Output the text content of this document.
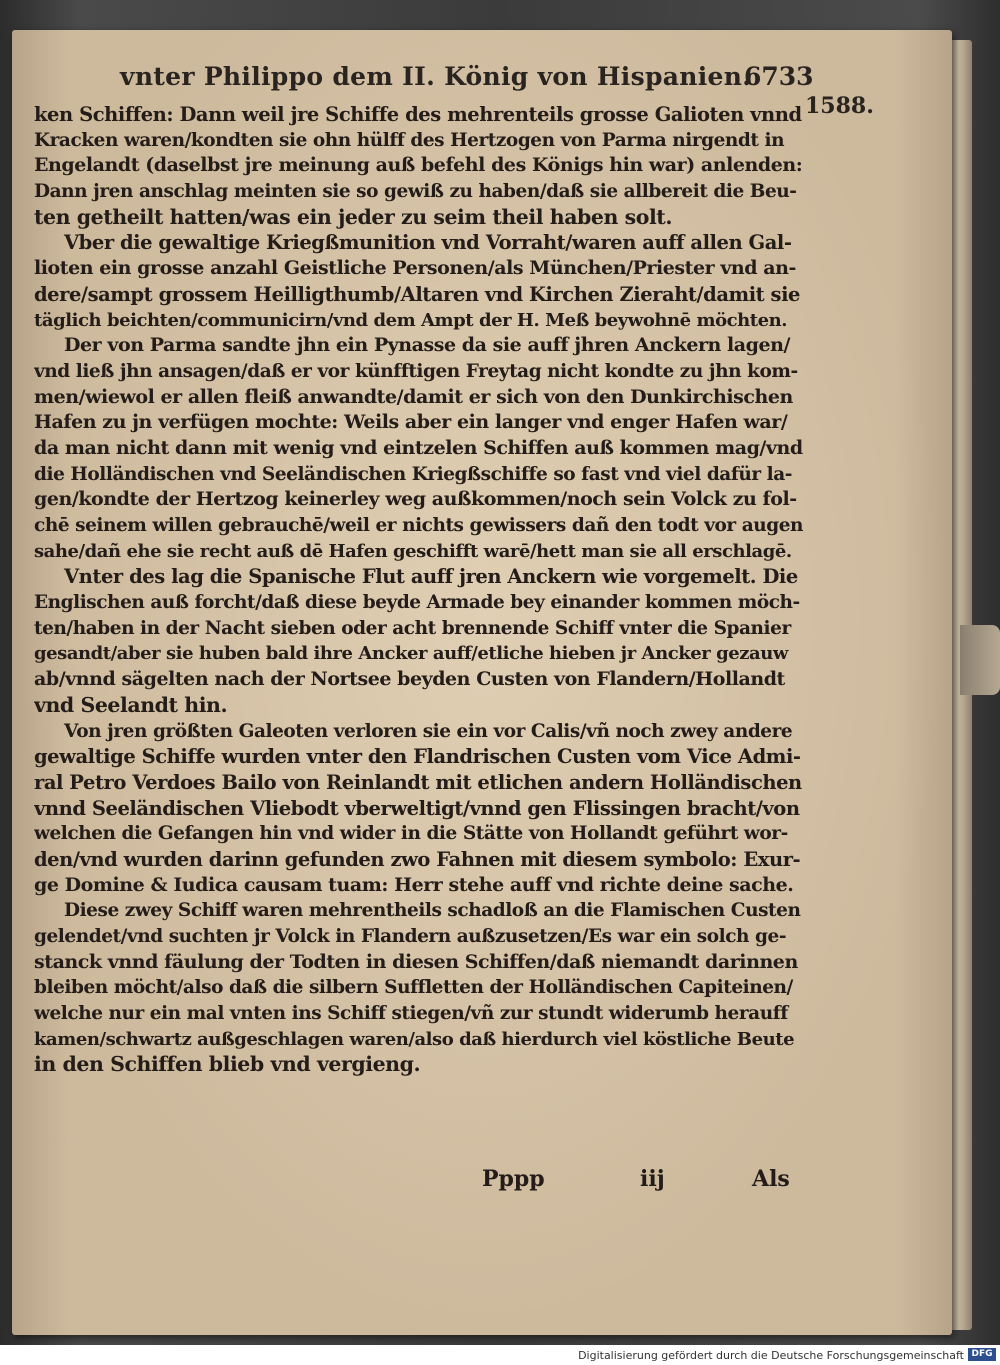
vnter Philippo dem II. König von Hispanien.
6733
1588.
ken Schiffen: Dann weil jre Schiffe des mehrenteils grosse Galioten vnnd
Kracken waren/kondten sie ohn hülff des Hertzogen von Parma nirgendt in
Engelandt (daselbst jre meinung auß befehl des Königs hin war) anlenden:
Dann jren anschlag meinten sie so gewiß zu haben/daß sie allbereit die Beu-
ten getheilt hatten/was ein jeder zu seim theil haben solt.
Vber die gewaltige Kriegßmunition vnd Vorraht/waren auff allen Gal-
lioten ein grosse anzahl Geistliche Personen/als München/Priester vnd an-
dere/sampt grossem Heilligthumb/Altaren vnd Kirchen Zieraht/damit sie
täglich beichten/communicirn/vnd dem Ampt der H. Meß beywohnē möchten.
Der von Parma sandte jhn ein Pynasse da sie auff jhren Anckern lagen/
vnd ließ jhn ansagen/daß er vor künfftigen Freytag nicht kondte zu jhn kom-
men/wiewol er allen fleiß anwandte/damit er sich von den Dunkirchischen
Hafen zu jn verfügen mochte: Weils aber ein langer vnd enger Hafen war/
da man nicht dann mit wenig vnd eintzelen Schiffen auß kommen mag/vnd
die Holländischen vnd Seeländischen Kriegßschiffe so fast vnd viel dafür la-
gen/kondte der Hertzog keinerley weg außkommen/noch sein Volck zu fol-
chē seinem willen gebrauchē/weil er nichts gewissers dañ den todt vor augen
sahe/dañ ehe sie recht auß dē Hafen geschifft warē/hett man sie all erschlagē.
Vnter des lag die Spanische Flut auff jren Anckern wie vorgemelt. Die
Englischen auß forcht/daß diese beyde Armade bey einander kommen möch-
ten/haben in der Nacht sieben oder acht brennende Schiff vnter die Spanier
gesandt/aber sie huben bald ihre Ancker auff/etliche hieben jr Ancker gezauw
ab/vnnd sägelten nach der Nortsee beyden Custen von Flandern/Hollandt
vnd Seelandt hin.
Von jren größten Galeoten verloren sie ein vor Calis/vñ noch zwey andere
gewaltige Schiffe wurden vnter den Flandrischen Custen vom Vice Admi-
ral Petro Verdoes Bailo von Reinlandt mit etlichen andern Holländischen
vnnd Seeländischen Vliebodt vberweltigt/vnnd gen Flissingen bracht/von
welchen die Gefangen hin vnd wider in die Stätte von Hollandt geführt wor-
den/vnd wurden darinn gefunden zwo Fahnen mit diesem symbolo: Exur-
ge Domine & Iudica causam tuam: Herr stehe auff vnd richte deine sache.
Diese zwey Schiff waren mehrentheils schadloß an die Flamischen Custen
gelendet/vnd suchten jr Volck in Flandern außzusetzen/Es war ein solch ge-
stanck vnnd fäulung der Todten in diesen Schiffen/daß niemandt darinnen
bleiben möcht/also daß die silbern Suffletten der Holländischen Capiteinen/
welche nur ein mal vnten ins Schiff stiegen/vñ zur stundt widerumb herauff
kamen/schwartz außgeschlagen waren/also daß hierdurch viel köstliche Beute
in den Schiffen blieb vnd vergieng.
Pppp	iij	Als
Digitalisierung gefördert durch die Deutsche Forschungsgemeinschaft DFG
